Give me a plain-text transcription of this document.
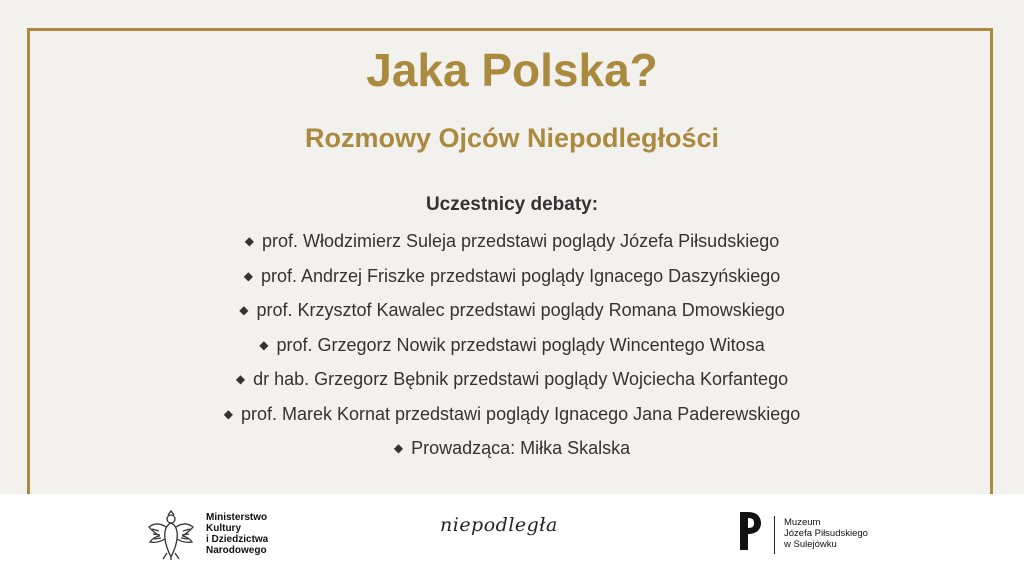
Jaka Polska?
Rozmowy Ojców Niepodległości
Uczestnicy debaty:
◆ prof. Włodzimierz Suleja przedstawi poglądy Józefa Piłsudskiego
◆ prof. Andrzej Friszke przedstawi poglądy Ignacego Daszyńskiego
◆ prof. Krzysztof Kawalec przedstawi poglądy Romana Dmowskiego
◆ prof. Grzegorz Nowik przedstawi poglądy Wincentego Witosa
◆ dr hab. Grzegorz Bębnik przedstawi poglądy Wojciecha Korfantego
◆ prof. Marek Kornat przedstawi poglądy Ignacego Jana Paderewskiego
◆ Prowadząca: Miłka Skalska
Ministerstwo
Kultury
i Dziedzictwa
Narodowego
niepodległa	Muzeum
Józefa Piłsudskiego
w Sulejówku
